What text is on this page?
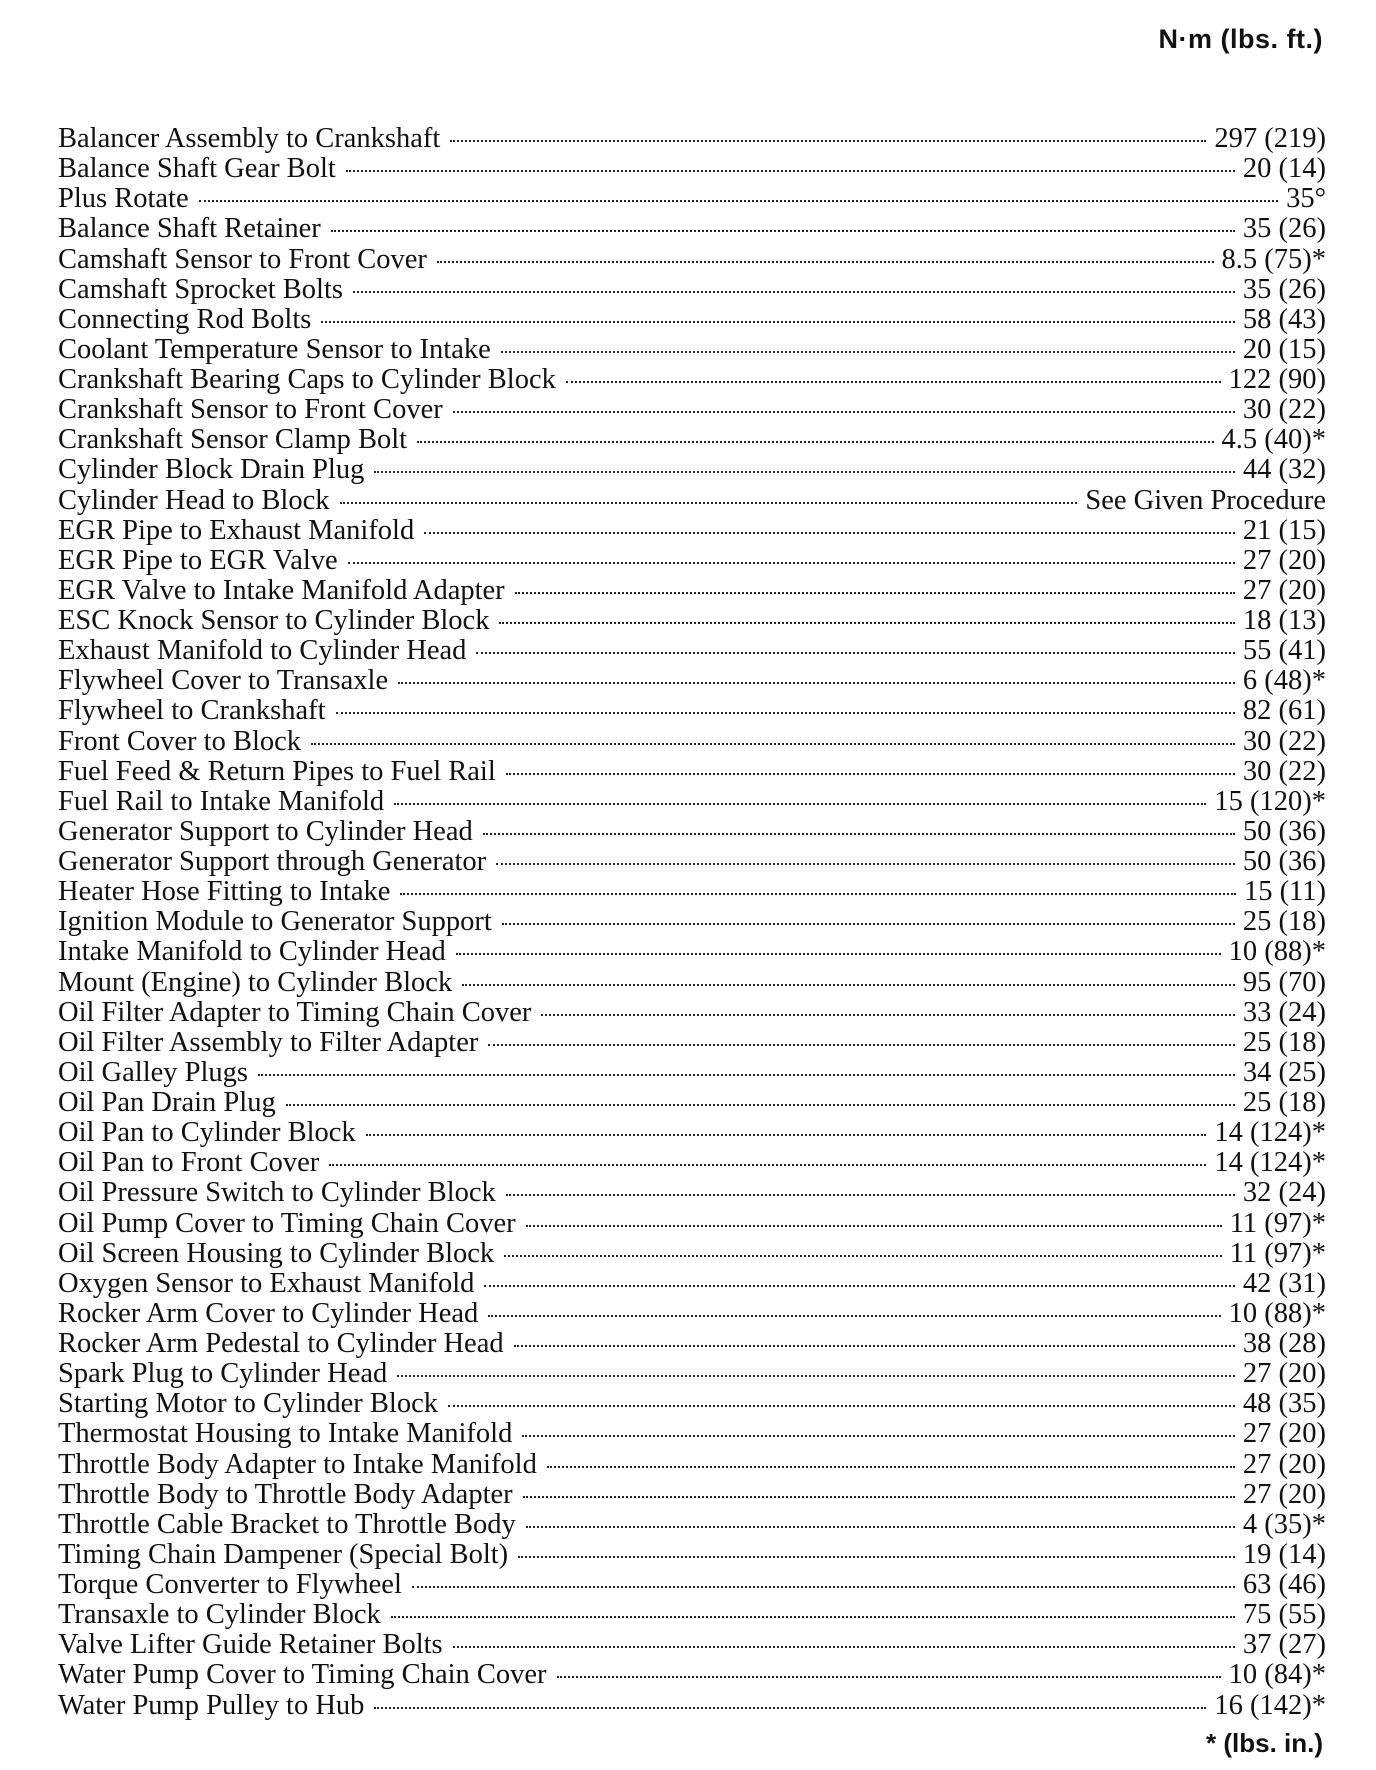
N·m (lbs. ft.)
Balancer Assembly to Crankshaft	297 (219)
Balance Shaft Gear Bolt	20 (14)
Plus Rotate	35°
Balance Shaft Retainer	35 (26)
Camshaft Sensor to Front Cover	8.5 (75)*
Camshaft Sprocket Bolts	35 (26)
Connecting Rod Bolts	58 (43)
Coolant Temperature Sensor to Intake	20 (15)
Crankshaft Bearing Caps to Cylinder Block	122 (90)
Crankshaft Sensor to Front Cover	30 (22)
Crankshaft Sensor Clamp Bolt	4.5 (40)*
Cylinder Block Drain Plug	44 (32)
Cylinder Head to Block	See Given Procedure
EGR Pipe to Exhaust Manifold	21 (15)
EGR Pipe to EGR Valve	27 (20)
EGR Valve to Intake Manifold Adapter	27 (20)
ESC Knock Sensor to Cylinder Block	18 (13)
Exhaust Manifold to Cylinder Head	55 (41)
Flywheel Cover to Transaxle	6 (48)*
Flywheel to Crankshaft	82 (61)
Front Cover to Block	30 (22)
Fuel Feed & Return Pipes to Fuel Rail	30 (22)
Fuel Rail to Intake Manifold	15 (120)*
Generator Support to Cylinder Head	50 (36)
Generator Support through Generator	50 (36)
Heater Hose Fitting to Intake	15 (11)
Ignition Module to Generator Support	25 (18)
Intake Manifold to Cylinder Head	10 (88)*
Mount (Engine) to Cylinder Block	95 (70)
Oil Filter Adapter to Timing Chain Cover	33 (24)
Oil Filter Assembly to Filter Adapter	25 (18)
Oil Galley Plugs	34 (25)
Oil Pan Drain Plug	25 (18)
Oil Pan to Cylinder Block	14 (124)*
Oil Pan to Front Cover	14 (124)*
Oil Pressure Switch to Cylinder Block	32 (24)
Oil Pump Cover to Timing Chain Cover	11 (97)*
Oil Screen Housing to Cylinder Block	11 (97)*
Oxygen Sensor to Exhaust Manifold	42 (31)
Rocker Arm Cover to Cylinder Head	10 (88)*
Rocker Arm Pedestal to Cylinder Head	38 (28)
Spark Plug to Cylinder Head	27 (20)
Starting Motor to Cylinder Block	48 (35)
Thermostat Housing to Intake Manifold	27 (20)
Throttle Body Adapter to Intake Manifold	27 (20)
Throttle Body to Throttle Body Adapter	27 (20)
Throttle Cable Bracket to Throttle Body	4 (35)*
Timing Chain Dampener (Special Bolt)	19 (14)
Torque Converter to Flywheel	63 (46)
Transaxle to Cylinder Block	75 (55)
Valve Lifter Guide Retainer Bolts	37 (27)
Water Pump Cover to Timing Chain Cover	10 (84)*
Water Pump Pulley to Hub	16 (142)*
* (lbs. in.)
